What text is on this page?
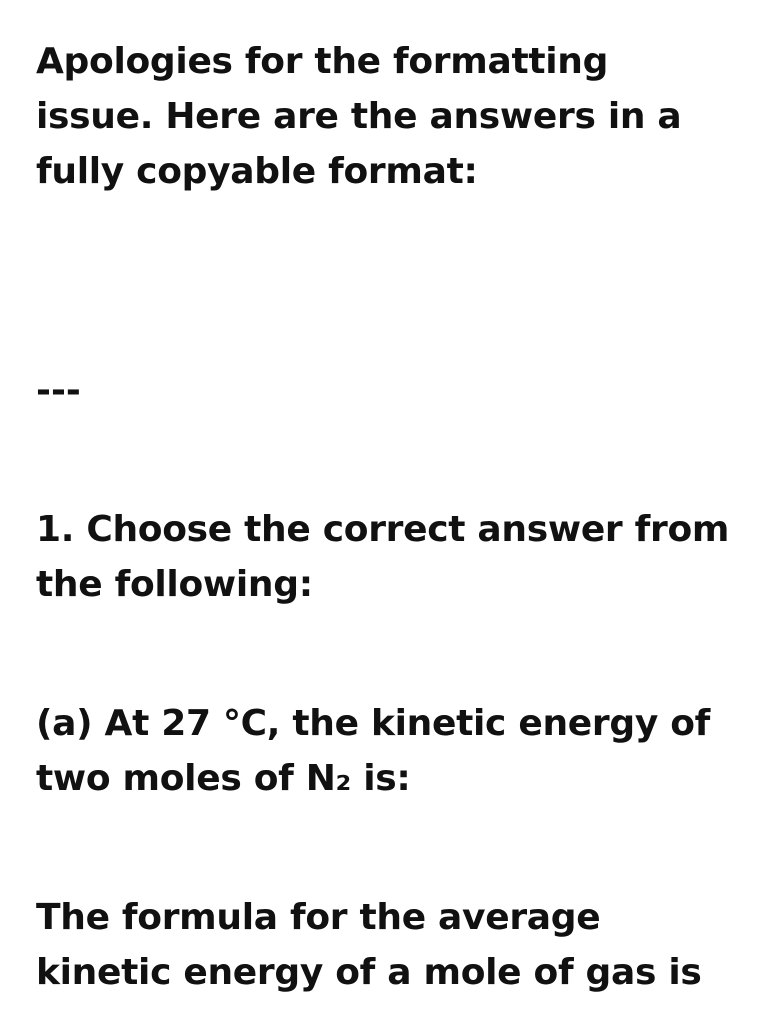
Apologies for the formatting issue. Here are the answers in a fully copyable format:

---

1. Choose the correct answer from the following:

(a) At 27 °C, the kinetic energy of two moles of N₂ is:

The formula for the average kinetic energy of a mole of gas is
